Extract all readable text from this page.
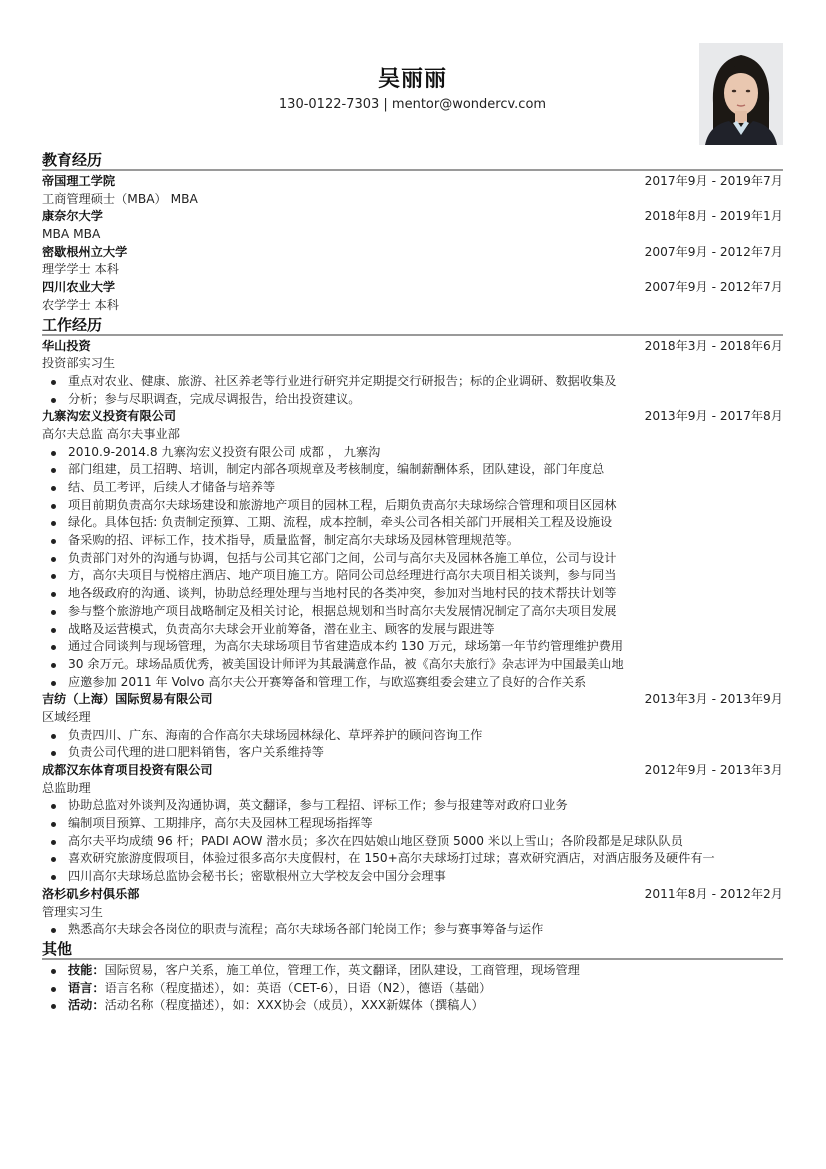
吴丽丽
130-0122-7303 | mentor@wondercv.com
教育经历
帝国理工学院	2017年9月 - 2019年7月
工商管理硕士（MBA） MBA
康奈尔大学	2018年8月 - 2019年1月
MBA MBA
密歇根州立大学	2007年9月 - 2012年7月
理学学士 本科
四川农业大学	2007年9月 - 2012年7月
农学学士 本科
工作经历
华山投资	2018年3月 - 2018年6月
投资部实习生
重点对农业、健康、旅游、社区养老等行业进行研究并定期提交行研报告；标的企业调研、数据收集及
分析；参与尽职调查，完成尽调报告，给出投资建议。
九寨沟宏义投资有限公司	2013年9月 - 2017年8月
高尔夫总监 高尔夫事业部
2010.9-2014.8 九寨沟宏义投资有限公司 成都 ， 九寨沟
部门组建，员工招聘、培训，制定内部各项规章及考核制度，编制薪酬体系，团队建设，部门年度总
结、员工考评，后续人才储备与培养等
项目前期负责高尔夫球场建设和旅游地产项目的园林工程，后期负责高尔夫球场综合管理和项目区园林
绿化。具体包括: 负责制定预算、工期、流程，成本控制，牵头公司各相关部门开展相关工程及设施设
备采购的招、评标工作，技术指导，质量监督，制定高尔夫球场及园林管理规范等。
负责部门对外的沟通与协调，包括与公司其它部门之间，公司与高尔夫及园林各施工单位，公司与设计
方，高尔夫项目与悦榕庄酒店、地产项目施工方。陪同公司总经理进行高尔夫项目相关谈判，参与同当
地各级政府的沟通、谈判，协助总经理处理与当地村民的各类冲突，参加对当地村民的技术帮扶计划等
参与整个旅游地产项目战略制定及相关讨论，根据总规划和当时高尔夫发展情况制定了高尔夫项目发展
战略及运营模式，负责高尔夫球会开业前筹备，潜在业主、顾客的发展与跟进等
通过合同谈判与现场管理，为高尔夫球场项目节省建造成本约 130 万元，球场第一年节约管理维护费用
30 余万元。球场品质优秀，被美国设计师评为其最满意作品，被《高尔夫旅行》杂志评为中国最美山地
应邀参加 2011 年 Volvo 高尔夫公开赛筹备和管理工作，与欧巡赛组委会建立了良好的合作关系
吉纺（上海）国际贸易有限公司	2013年3月 - 2013年9月
区域经理
负责四川、广东、海南的合作高尔夫球场园林绿化、草坪养护的顾问咨询工作
负责公司代理的进口肥料销售，客户关系维持等
成都汉东体育项目投资有限公司	2012年9月 - 2013年3月
总监助理
协助总监对外谈判及沟通协调，英文翻译，参与工程招、评标工作；参与报建等对政府口业务
编制项目预算、工期排序，高尔夫及园林工程现场指挥等
高尔夫平均成绩 96 杆；PADI AOW 潜水员；多次在四姑娘山地区登顶 5000 米以上雪山；各阶段都是足球队队员
喜欢研究旅游度假项目，体验过很多高尔夫度假村，在 150+高尔夫球场打过球；喜欢研究酒店，对酒店服务及硬件有一
四川高尔夫球场总监协会秘书长；密歇根州立大学校友会中国分会理事
洛杉矶乡村俱乐部	2011年8月 - 2012年2月
管理实习生
熟悉高尔夫球会各岗位的职责与流程；高尔夫球场各部门轮岗工作；参与赛事筹备与运作
其他
技能：国际贸易，客户关系，施工单位，管理工作，英文翻译，团队建设，工商管理，现场管理
语言：语言名称（程度描述），如：英语（CET-6），日语（N2），德语（基础）
活动：活动名称（程度描述），如：XXX协会（成员），XXX新媒体（撰稿人）
